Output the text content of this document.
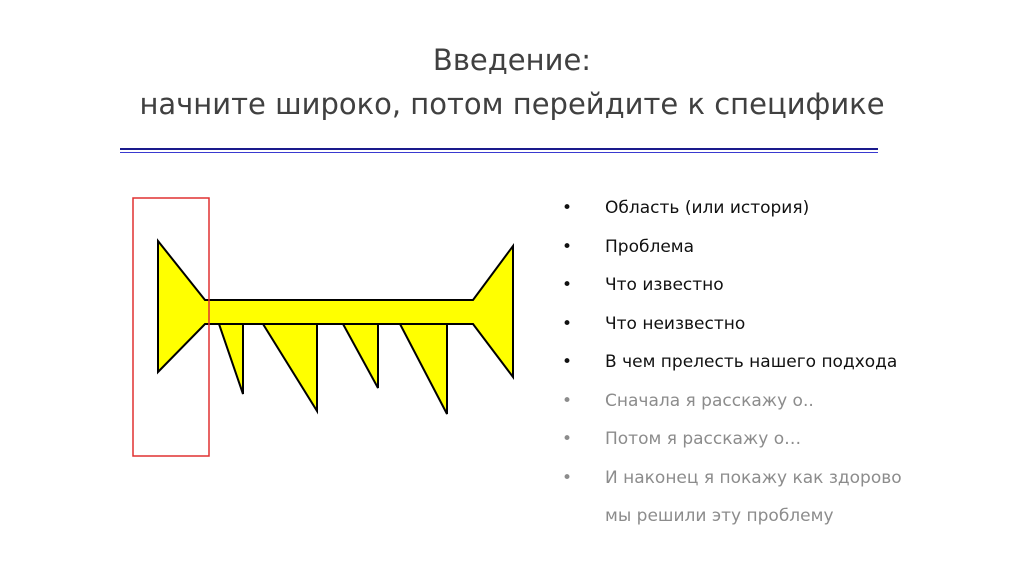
Введение:
начните широко, потом перейдите к специфике
• Область (или история)
• Проблема
• Что известно
• Что неизвестно
• В чем прелесть нашего подхода
• Сначала я расскажу о..
• Потом я расскажу о…
• И наконец я покажу как здорово
мы решили эту проблему
